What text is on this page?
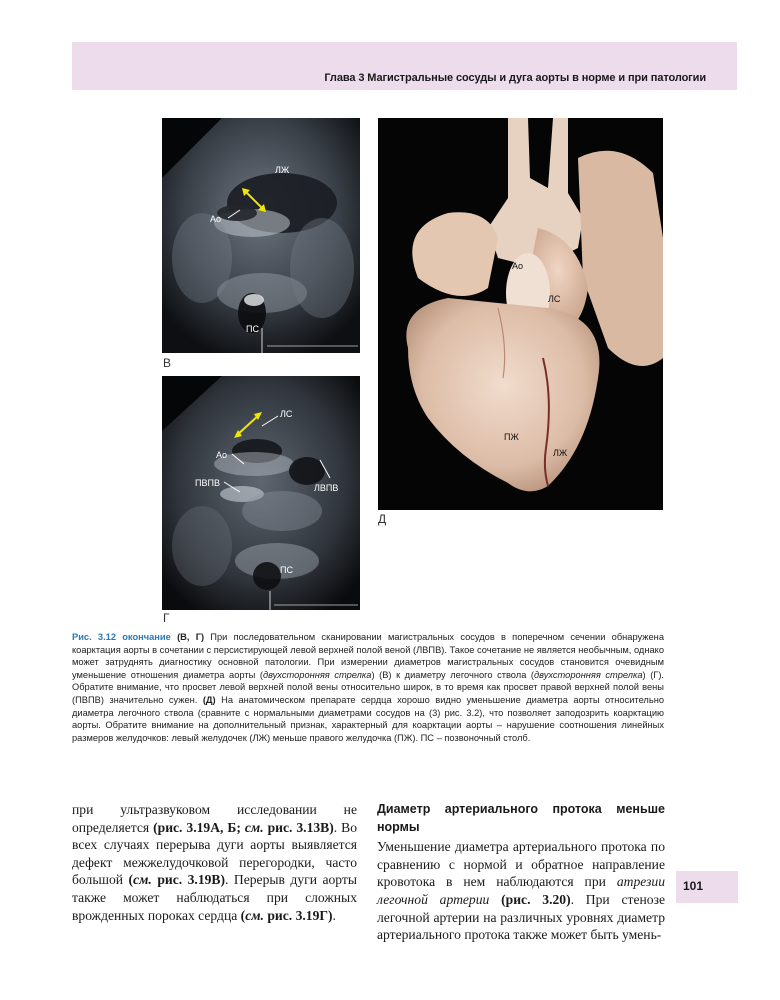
Глава 3 Магистральные сосуды и дуга аорты в норме и при патологии
ЛЖ
Ао
ПС
В
ЛС
Ао
ПВПВ	ЛВПВ
ПС
Г
Ао
ЛС
ПЖ
ЛЖ
Д
Рис. 3.12 окончание (В, Г) При последовательном сканировании магистральных сосудов в поперечном сечении обнаружена коарктация аорты в сочетании с персистирующей левой верхней полой веной (ЛВПВ). Такое сочетание не является необычным, однако может затруднять диагностику основной патологии. При измерении диаметров магистральных сосудов становится очевидным уменьшение отношения диаметра аорты (двухсторонняя стрелка) (В) к диаметру легочного ствола (двухсторонняя стрелка) (Г). Обратите внимание, что просвет левой верхней полой вены относительно широк, в то время как просвет правой верхней полой вены (ПВПВ) значительно сужен. (Д) На анатомическом препарате сердца хорошо видно уменьшение диаметра аорты относительно диаметра легочного ствола (сравните с нормальными диаметрами сосудов на (3) рис. 3.2), что позволяет заподозрить коарктацию аорты. Обратите внимание на дополнительный признак, характерный для коарктации аорты – нарушение соотношения линейных размеров желудочков: левый желудочек (ЛЖ) меньше правого желудочка (ПЖ). ПС – позвоночный столб.
при ультразвуковом исследовании не определяется (рис. 3.19А, Б; см. рис. 3.13В). Во всех случаях перерыва дуги аорты выявляется дефект межжелудочковой перегородки, часто большой (см. рис. 3.19В). Перерыв дуги аорты также может наблюдаться при сложных врожденных пороках сердца (см. рис. 3.19Г).
Диаметр артериального протока меньше нормы
Уменьшение диаметра артериального протока по сравнению с нормой и обратное направление кровотока в нем наблюдаются при атрезии легочной артерии (рис. 3.20). При стенозе легочной артерии на различных уровнях диаметр артериального протока также может быть умень-
101
